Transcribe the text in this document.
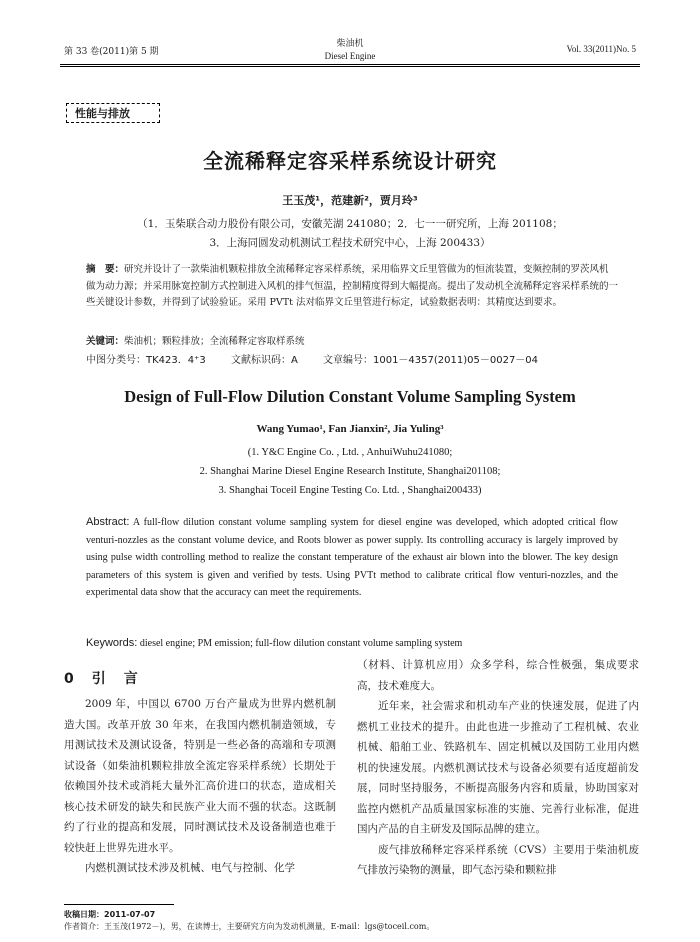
第 33 卷(2011)第 5 期
柴油机
Diesel Engine
Vol. 33(2011)No. 5
性能与排放
全流稀释定容采样系统设计研究
王玉茂¹，范建新²，贾月玲³
（1．玉柴联合动力股份有限公司，安徽芜湖 241080；2．七一一研究所，上海 201108；
3．上海同圆发动机测试工程技术研究中心，上海 200433）
摘　要：研究并设计了一款柴油机颗粒排放全流稀释定容采样系统，采用临界文丘里管做为的恒流装置，变频控制的罗茨风机做为动力源；并采用脉宽控制方式控制进入风机的排气恒温，控制精度得到大幅提高。提出了发动机全流稀释定容采样系统的一些关键设计参数，并得到了试验验证。采用 PVTt 法对临界文丘里管进行标定，试验数据表明：其精度达到要求。
关键词：柴油机；颗粒排放；全流稀释定容取样系统
中图分类号：TK423．4⁺3	文献标识码：A	文章编号：1001－4357(2011)05－0027－04
Design of Full-Flow Dilution Constant Volume Sampling System
Wang Yumao¹, Fan Jianxin², Jia Yuling³
(1. Y&C Engine Co. , Ltd. , AnhuiWuhu241080;
2. Shanghai Marine Diesel Engine Research Institute, Shanghai201108;
3. Shanghai Toceil Engine Testing Co. Ltd. , Shanghai200433)
Abstract: A full-flow dilution constant volume sampling system for diesel engine was developed, which adopted critical flow venturi-nozzles as the constant volume device, and Roots blower as power supply. Its controlling accuracy is largely improved by using pulse width controlling method to realize the constant temperature of the exhaust air blown into the blower. The key design parameters of this system is given and verified by tests. Using PVTt method to calibrate critical flow venturi-nozzles, and the experimental data show that the accuracy can meet the requirements.
Keywords: diesel engine; PM emission; full-flow dilution constant volume sampling system
0 引言

2009 年，中国以 6700 万台产量成为世界内燃机制造大国。改革开放 30 年来，在我国内燃机制造领域，专用测试技术及测试设备，特别是一些必备的高端和专项测试设备（如柴油机颗粒排放全流定容采样系统）长期处于依赖国外技术或消耗大量外汇高价进口的状态，造成相关核心技术研发的缺失和民族产业大而不强的状态。这既制约了行业的提高和发展，同时测试技术及设备制造也难于较快赶上世界先进水平。

内燃机测试技术涉及机械、电气与控制、化学

（材料、计算机应用）众多学科，综合性极强，集成要求高，技术难度大。

近年来，社会需求和机动车产业的快速发展，促进了内燃机工业技术的提升。由此也进一步推动了工程机械、农业机械、船舶工业、铁路机车、固定机械以及国防工业用内燃机的快速发展。内燃机测试技术与设备必须要有适度超前发展，同时坚持服务，不断提高服务内容和质量，协助国家对监控内燃机产品质量国家标准的实施、完善行业标准，促进国内产品的自主研发及国际品牌的建立。

废气排放稀释定容采样系统（CVS）主要用于柴油机废气排放污染物的测量，即气态污染和颗粒排

收稿日期：2011-07-07
作者简介：王玉茂(1972－)，男，在读博士，主要研究方向为发动机测量，E-mail：lgs@toceil.com。
